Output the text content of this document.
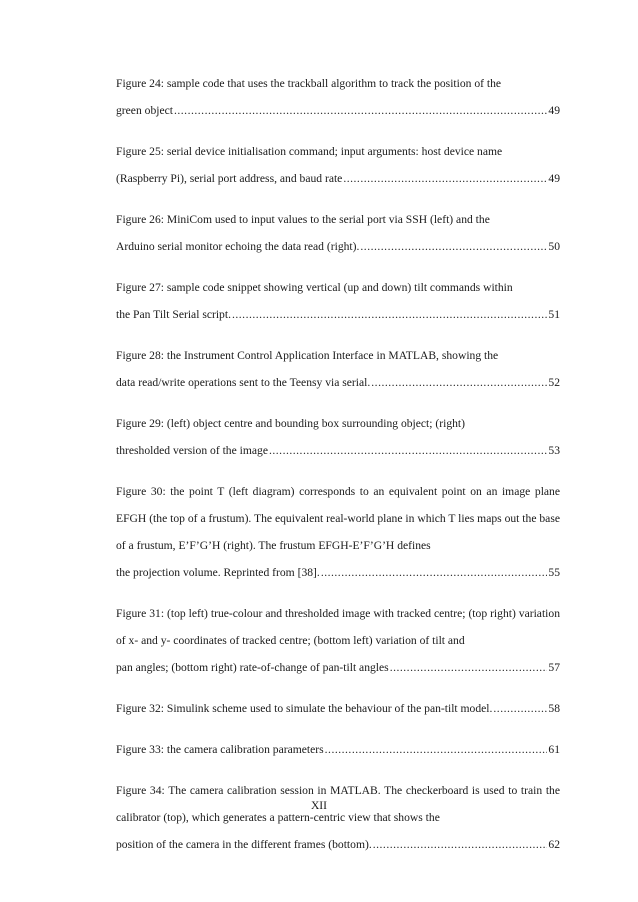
Figure 24: sample code that uses the trackball algorithm to track the position of the
green object .....	49
Figure 25: serial device initialisation command; input arguments: host device name
(Raspberry Pi), serial port address, and baud rate .....	49
Figure 26: MiniCom used to input values to the serial port via SSH (left) and the
Arduino serial monitor echoing the data read (right). .....	50
Figure 27: sample code snippet showing vertical (up and down) tilt commands within
the Pan Tilt Serial script. .....	51
Figure 28: the Instrument Control Application Interface in MATLAB, showing the
data read/write operations sent to the Teensy via serial. .....	52
Figure 29: (left) object centre and bounding box surrounding object; (right)
thresholded version of the image .....	53
Figure 30: the point T (left diagram) corresponds to an equivalent point on an image plane EFGH (the top of a frustum). The equivalent real-world plane in which T lies maps out the base of a frustum, E’F’G’H (right). The frustum EFGH-E’F’G’H defines
the projection volume. Reprinted from [38]. .....	55
Figure 31: (top left) true-colour and thresholded image with tracked centre; (top right) variation of x- and y- coordinates of tracked centre; (bottom left) variation of tilt and
pan angles; (bottom right) rate-of-change of pan-tilt angles .....	57
Figure 32: Simulink scheme used to simulate the behaviour of the pan-tilt model. .....	58
Figure 33: the camera calibration parameters .....	61
Figure 34: The camera calibration session in MATLAB. The checkerboard is used to train the calibrator (top), which generates a pattern-centric view that shows the
position of the camera in the different frames (bottom). .....	62
XII
